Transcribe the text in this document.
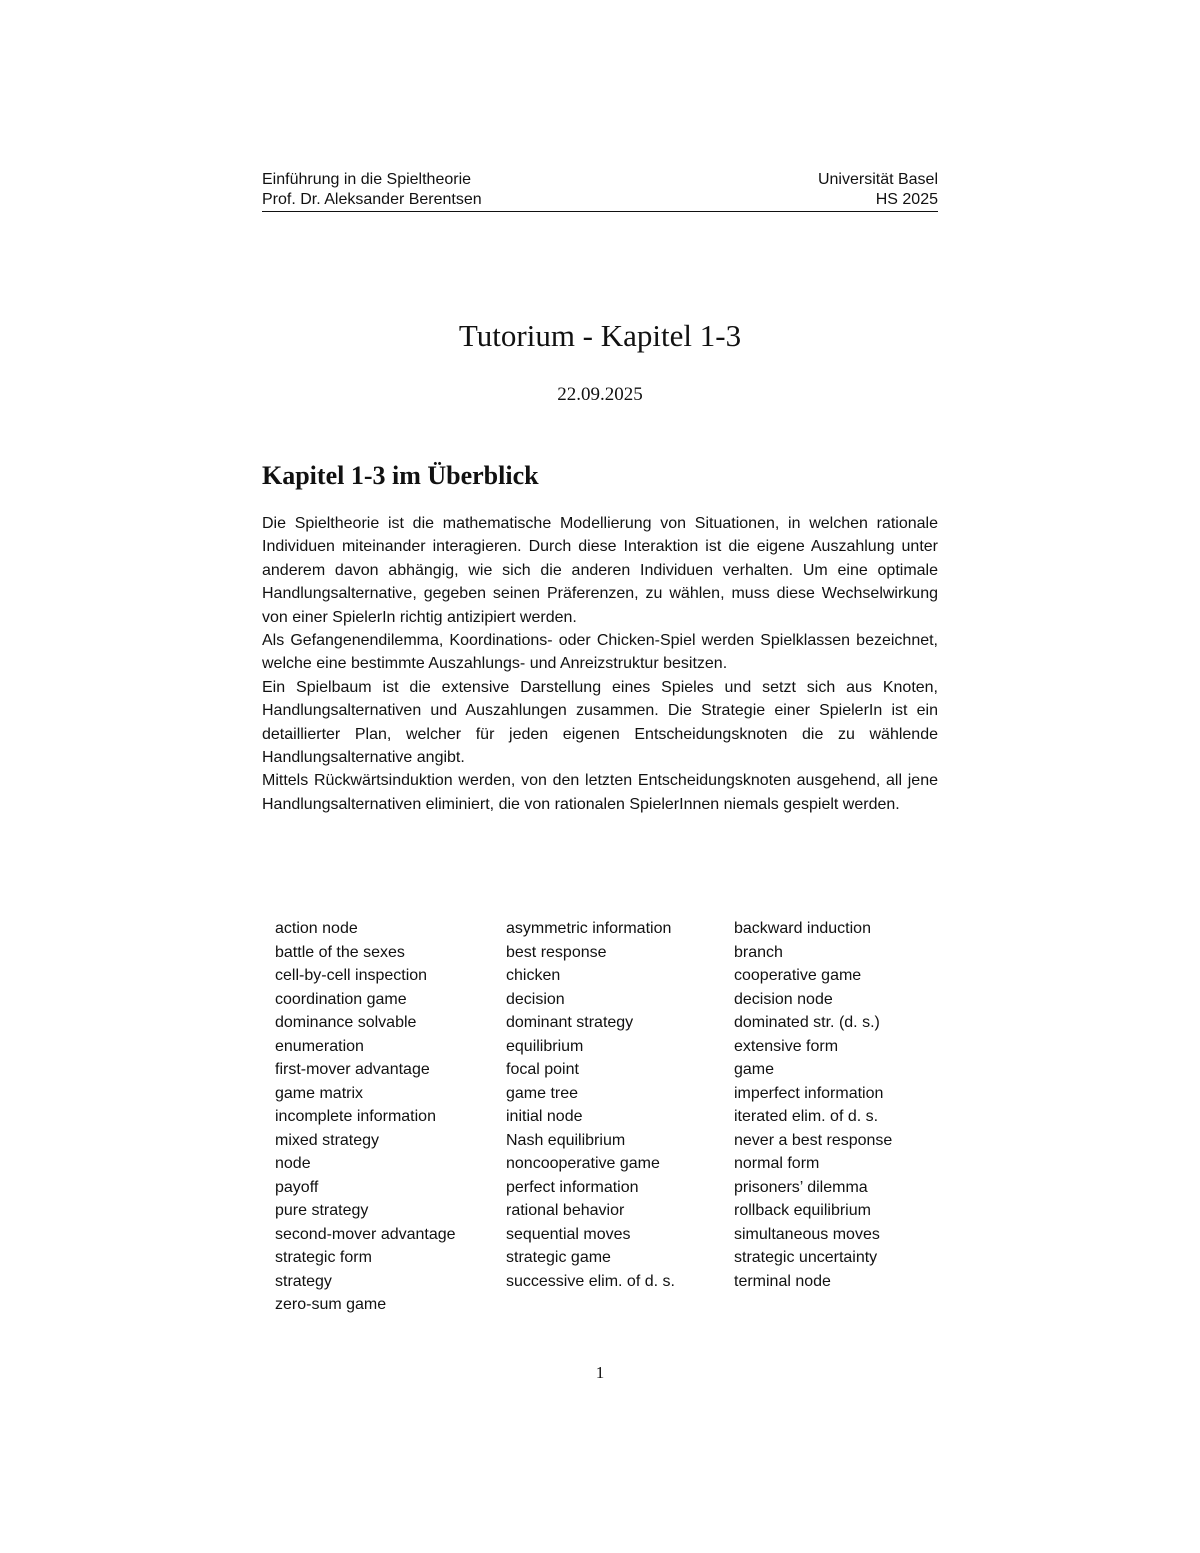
Einführung in die Spieltheorie	Universität Basel
Prof. Dr. Aleksander Berentsen	HS 2025
Tutorium - Kapitel 1-3
22.09.2025
Kapitel 1-3 im Überblick

Die Spieltheorie ist die mathematische Modellierung von Situationen, in welchen rationale Individuen miteinander interagieren. Durch diese Interaktion ist die eigene Auszahlung unter anderem davon abhängig, wie sich die anderen Individuen verhalten. Um eine optimale Handlungsalternative, gegeben seinen Präferenzen, zu wählen, muss diese Wechselwirkung von einer SpielerIn richtig antizipiert werden.

Als Gefangenendilemma, Koordinations- oder Chicken-Spiel werden Spielklassen bezeichnet, welche eine bestimmte Auszahlungs- und Anreizstruktur besitzen.

Ein Spielbaum ist die extensive Darstellung eines Spieles und setzt sich aus Knoten, Handlungsalternativen und Auszahlungen zusammen. Die Strategie einer SpielerIn ist ein detaillierter Plan, welcher für jeden eigenen Entscheidungsknoten die zu wählende Handlungsalternative angibt.

Mittels Rückwärtsinduktion werden, von den letzten Entscheidungsknoten ausgehend, all jene Handlungsalternativen eliminiert, die von rationalen SpielerInnen niemals gespielt werden.

action node	asymmetric information	backward induction
battle of the sexes	best response	branch
cell-by-cell inspection	chicken	cooperative game
coordination game	decision	decision node
dominance solvable	dominant strategy	dominated str. (d. s.)
enumeration	equilibrium	extensive form
first-mover advantage	focal point	game
game matrix	game tree	imperfect information
incomplete information	initial node	iterated elim. of d. s.
mixed strategy	Nash equilibrium	never a best response
node	noncooperative game	normal form
payoff	perfect information	prisoners’ dilemma
pure strategy	rational behavior	rollback equilibrium
second-mover advantage	sequential moves	simultaneous moves
strategic form	strategic game	strategic uncertainty
strategy	successive elim. of d. s.	terminal node
zero-sum game
1
